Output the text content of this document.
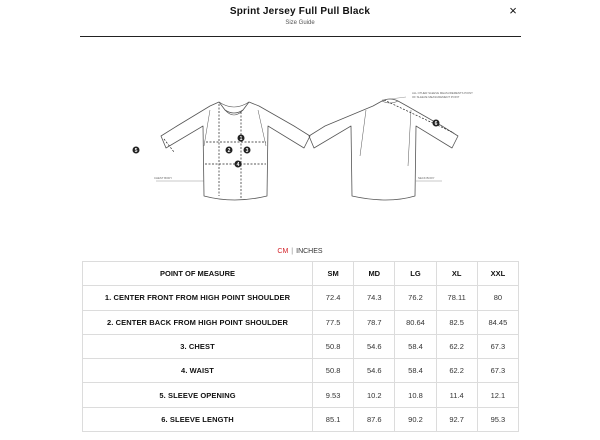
Sprint Jersey Full Pull Black
Size Guide
×
1
2	3
4
5
6
CHEST BODY	NECK BODY
ALL OTHER SLEEVE MEASUREMENTS POINT
OF SLEEVE MEASUREMENT POINT
CM | INCHES
POINT OF MEASURE	SM	MD	LG	XL	XXL
1. CENTER FRONT FROM HIGH POINT SHOULDER	72.4	74.3	76.2	78.11	80
2. CENTER BACK FROM HIGH POINT SHOULDER	77.5	78.7	80.64	82.5	84.45
3. CHEST	50.8	54.6	58.4	62.2	67.3
4. WAIST	50.8	54.6	58.4	62.2	67.3
5. SLEEVE OPENING	9.53	10.2	10.8	11.4	12.1
6. SLEEVE LENGTH	85.1	87.6	90.2	92.7	95.3
